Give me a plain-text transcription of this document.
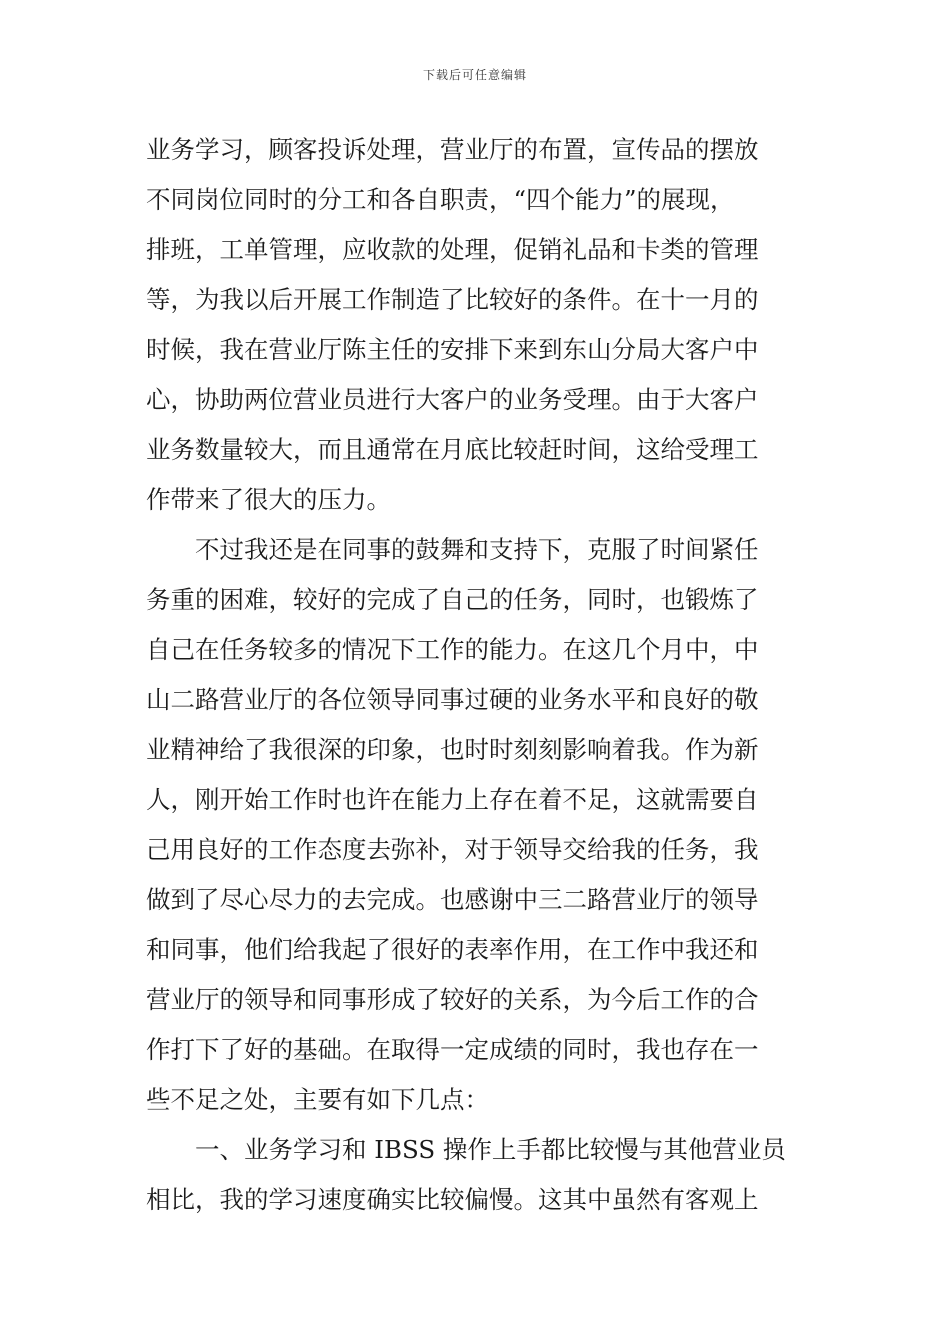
下载后可任意编辑
业务学习，顾客投诉处理，营业厅的布置，宣传品的摆放
不同岗位同时的分工和各自职责，“四个能力”的展现，
排班，工单管理，应收款的处理，促销礼品和卡类的管理
等，为我以后开展工作制造了比较好的条件。在十一月的
时候，我在营业厅陈主任的安排下来到东山分局大客户中
心，协助两位营业员进行大客户的业务受理。由于大客户
业务数量较大，而且通常在月底比较赶时间，这给受理工
作带来了很大的压力。
不过我还是在同事的鼓舞和支持下，克服了时间紧任
务重的困难，较好的完成了自己的任务，同时，也锻炼了
自己在任务较多的情况下工作的能力。在这几个月中，中
山二路营业厅的各位领导同事过硬的业务水平和良好的敬
业精神给了我很深的印象，也时时刻刻影响着我。作为新
人，刚开始工作时也许在能力上存在着不足，这就需要自
己用良好的工作态度去弥补，对于领导交给我的任务，我
做到了尽心尽力的去完成。也感谢中三二路营业厅的领导
和同事，他们给我起了很好的表率作用，在工作中我还和
营业厅的领导和同事形成了较好的关系，为今后工作的合
作打下了好的基础。在取得一定成绩的同时，我也存在一
些不足之处，主要有如下几点：
一、业务学习和 IBSS 操作上手都比较慢与其他营业员
相比，我的学习速度确实比较偏慢。这其中虽然有客观上
